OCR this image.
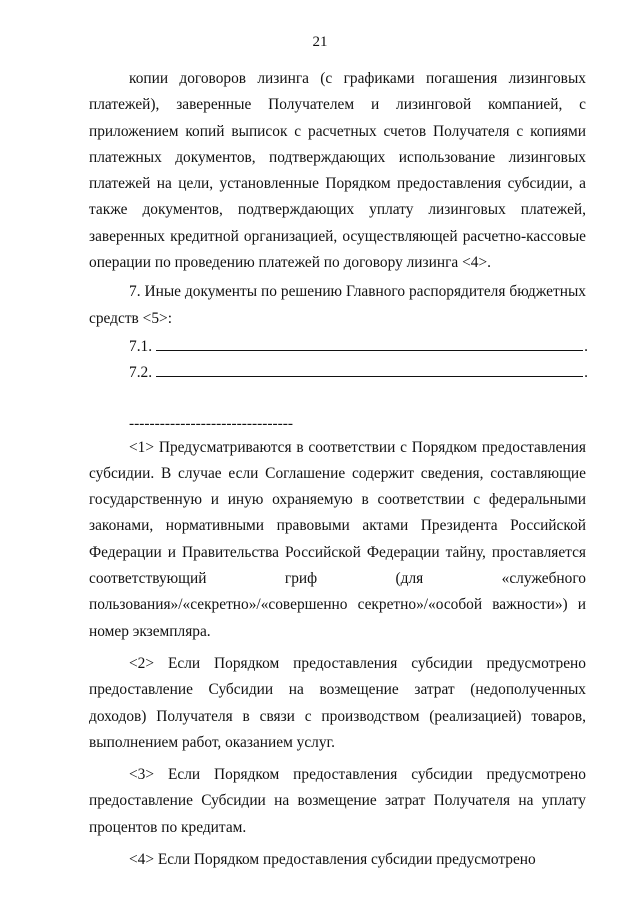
21

копии договоров лизинга (с графиками погашения лизинговых платежей), заверенные Получателем и лизинговой компанией, с приложением копий выписок с расчетных счетов Получателя с копиями платежных документов, подтверждающих использование лизинговых платежей на цели, установленные Порядком предоставления субсидии, а также документов, подтверждающих уплату лизинговых платежей, заверенных кредитной организацией, осуществляющей расчетно-кассовые операции по проведению платежей по договору лизинга <4>.

7. Иные документы по решению Главного распорядителя бюджетных средств <5>:

7.1.	.
7.2.	.
--------------------------------

<1> Предусматриваются в соответствии с Порядком предоставления субсидии. В случае если Соглашение содержит сведения, составляющие государственную и иную охраняемую в соответствии с федеральными законами, нормативными правовыми актами Президента Российской Федерации и Правительства Российской Федерации тайну, проставляется соответствующий гриф (для «служебного пользования»/«секретно»/«совершенно секретно»/«особой важности») и номер экземпляра.

<2> Если Порядком предоставления субсидии предусмотрено предоставление Субсидии на возмещение затрат (недополученных доходов) Получателя в связи с производством (реализацией) товаров, выполнением работ, оказанием услуг.

<3> Если Порядком предоставления субсидии предусмотрено предоставление Субсидии на возмещение затрат Получателя на уплату процентов по кредитам.

<4> Если Порядком предоставления субсидии предусмотрено
